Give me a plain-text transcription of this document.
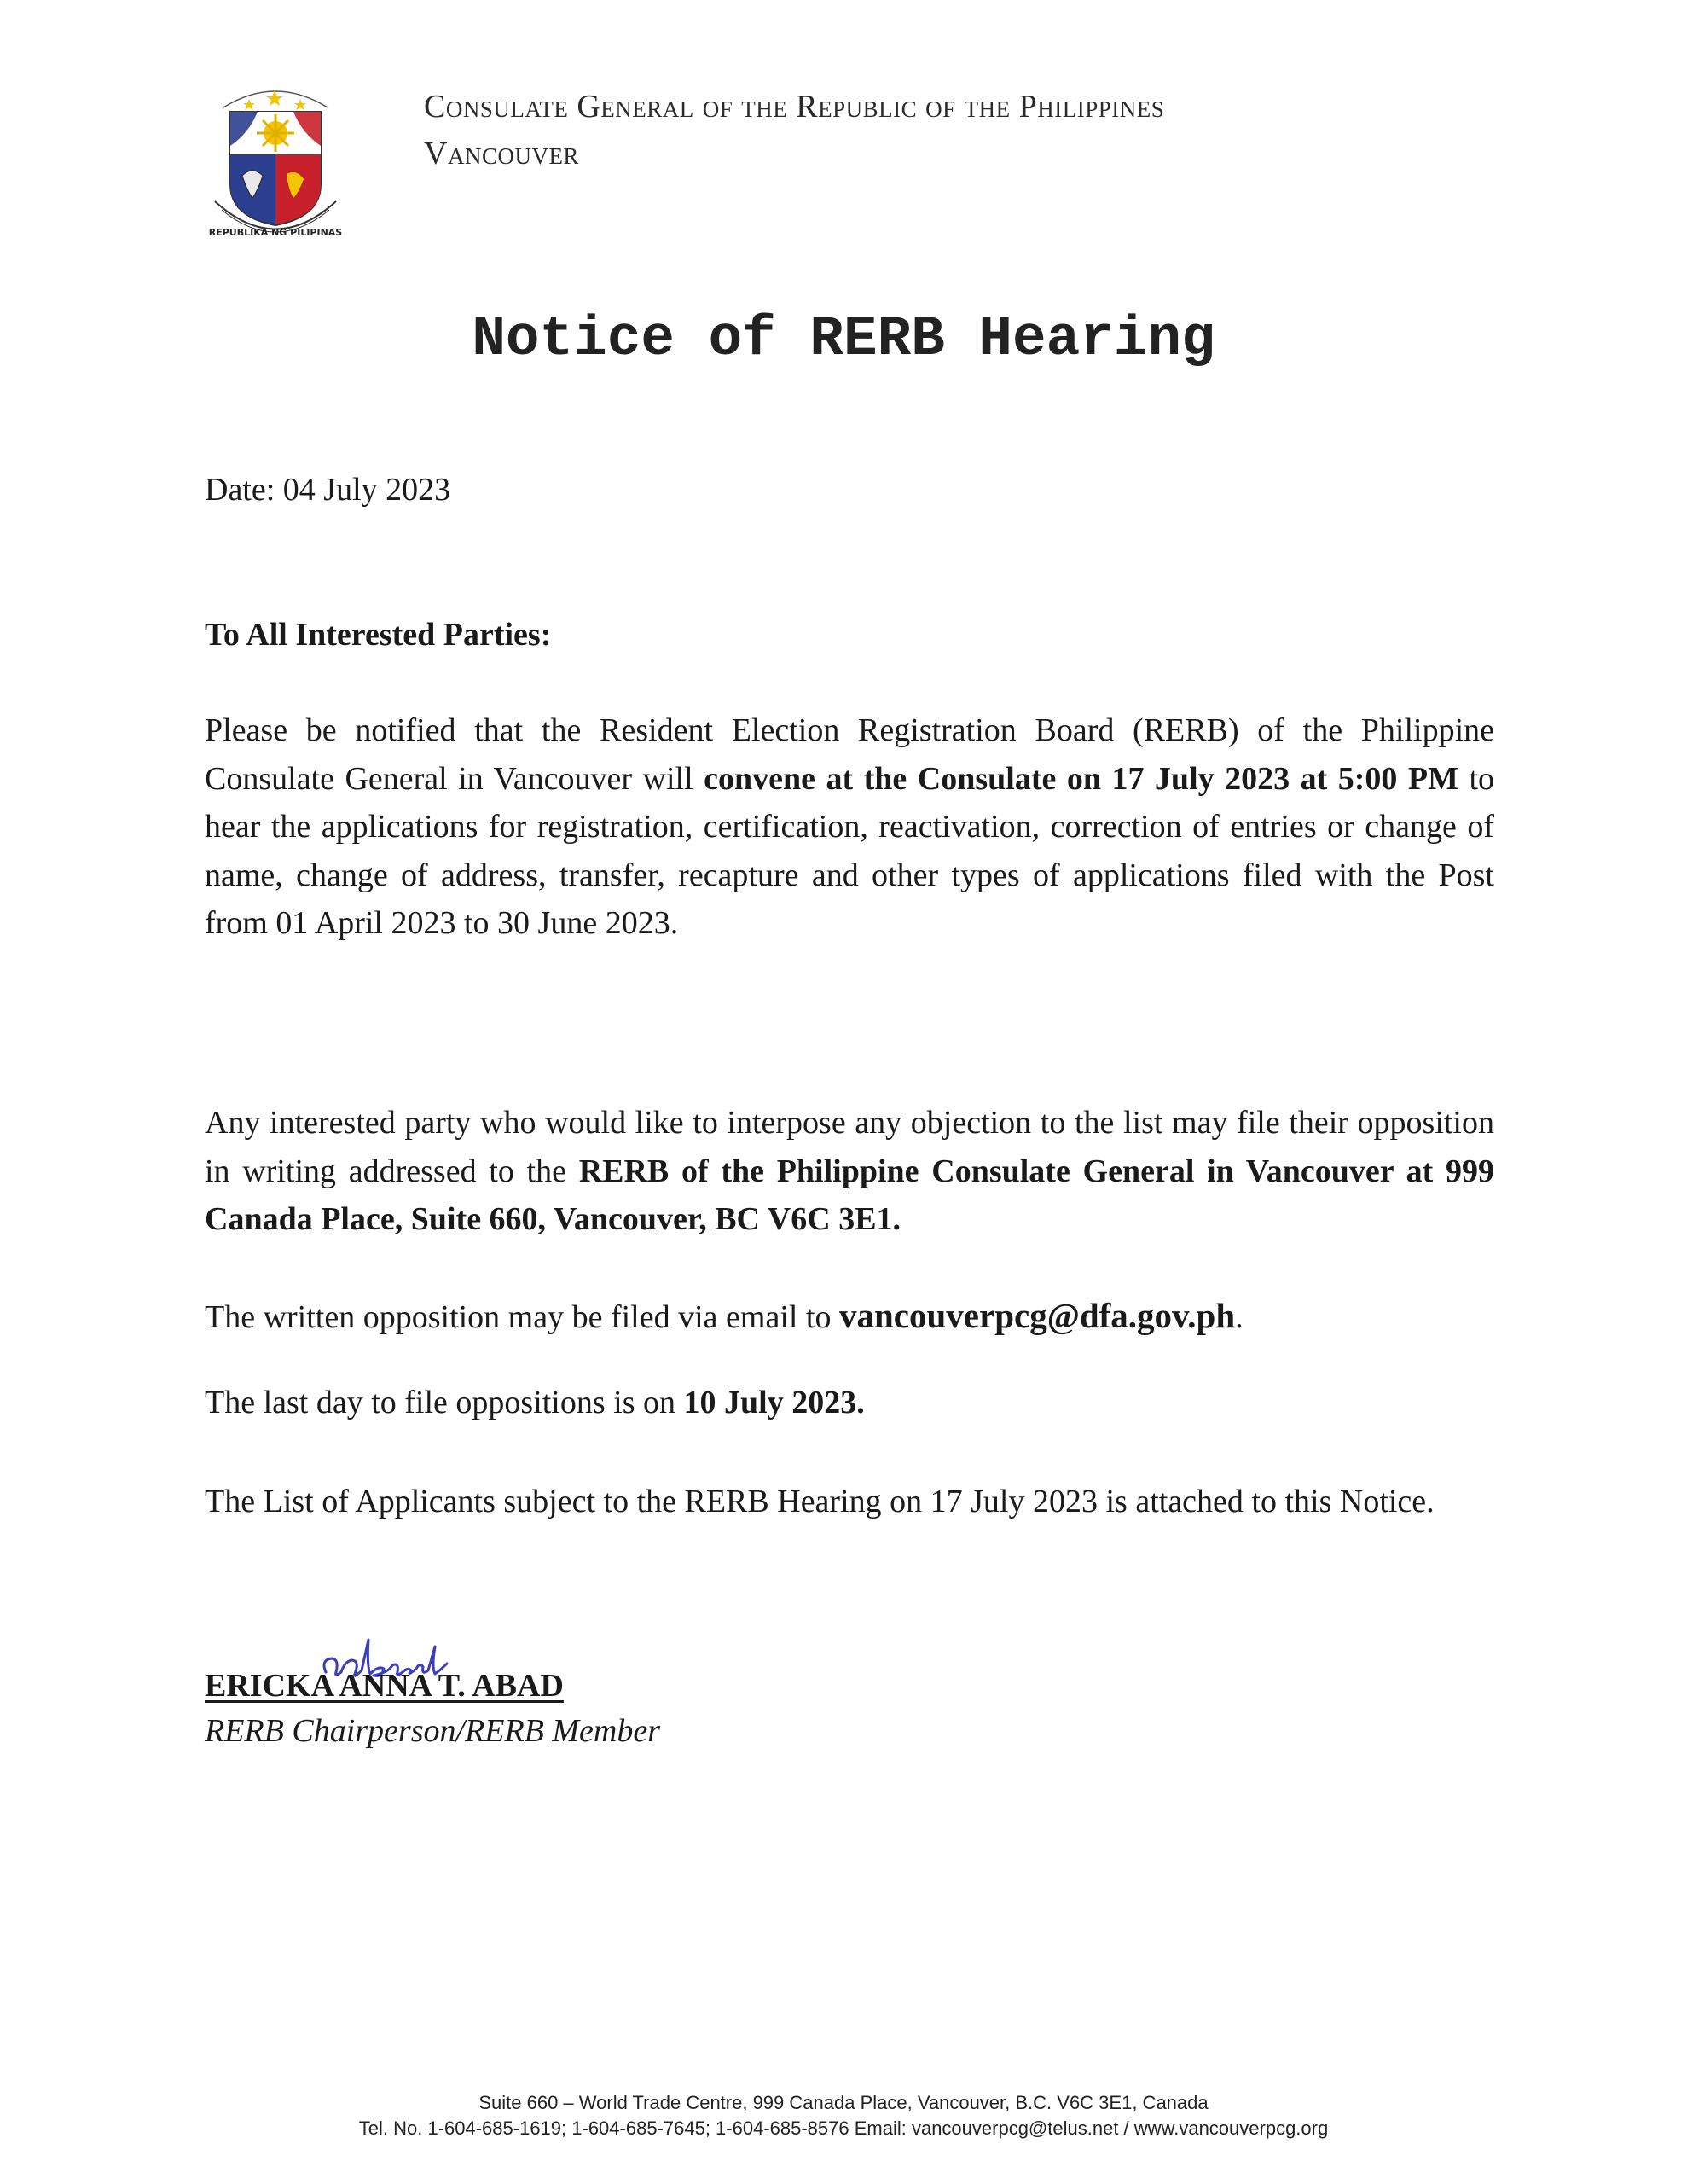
REPUBLIKA NG PILIPINAS
Consulate General of the Republic of the Philippines
Vancouver
Notice of RERB Hearing
Date: 04 July 2023
To All Interested Parties:
Please be notified that the Resident Election Registration Board (RERB) of the Philippine Consulate General in Vancouver will convene at the Consulate on 17 July 2023 at 5:00 PM to hear the applications for registration, certification, reactivation, correction of entries or change of name, change of address, transfer, recapture and other types of applications filed with the Post from 01 April 2023 to 30 June 2023.
Any interested party who would like to interpose any objection to the list may file their opposition in writing addressed to the RERB of the Philippine Consulate General in Vancouver at 999 Canada Place, Suite 660, Vancouver, BC V6C 3E1.
The written opposition may be filed via email to vancouverpcg@dfa.gov.ph.
The last day to file oppositions is on 10 July 2023.
The List of Applicants subject to the RERB Hearing on 17 July 2023 is attached to this Notice.
ERICKA ANNA T. ABAD
RERB Chairperson/RERB Member
Suite 660 – World Trade Centre, 999 Canada Place, Vancouver, B.C. V6C 3E1, Canada
Tel. No. 1-604-685-1619; 1-604-685-7645; 1-604-685-8576 Email: vancouverpcg@telus.net / www.vancouverpcg.org
